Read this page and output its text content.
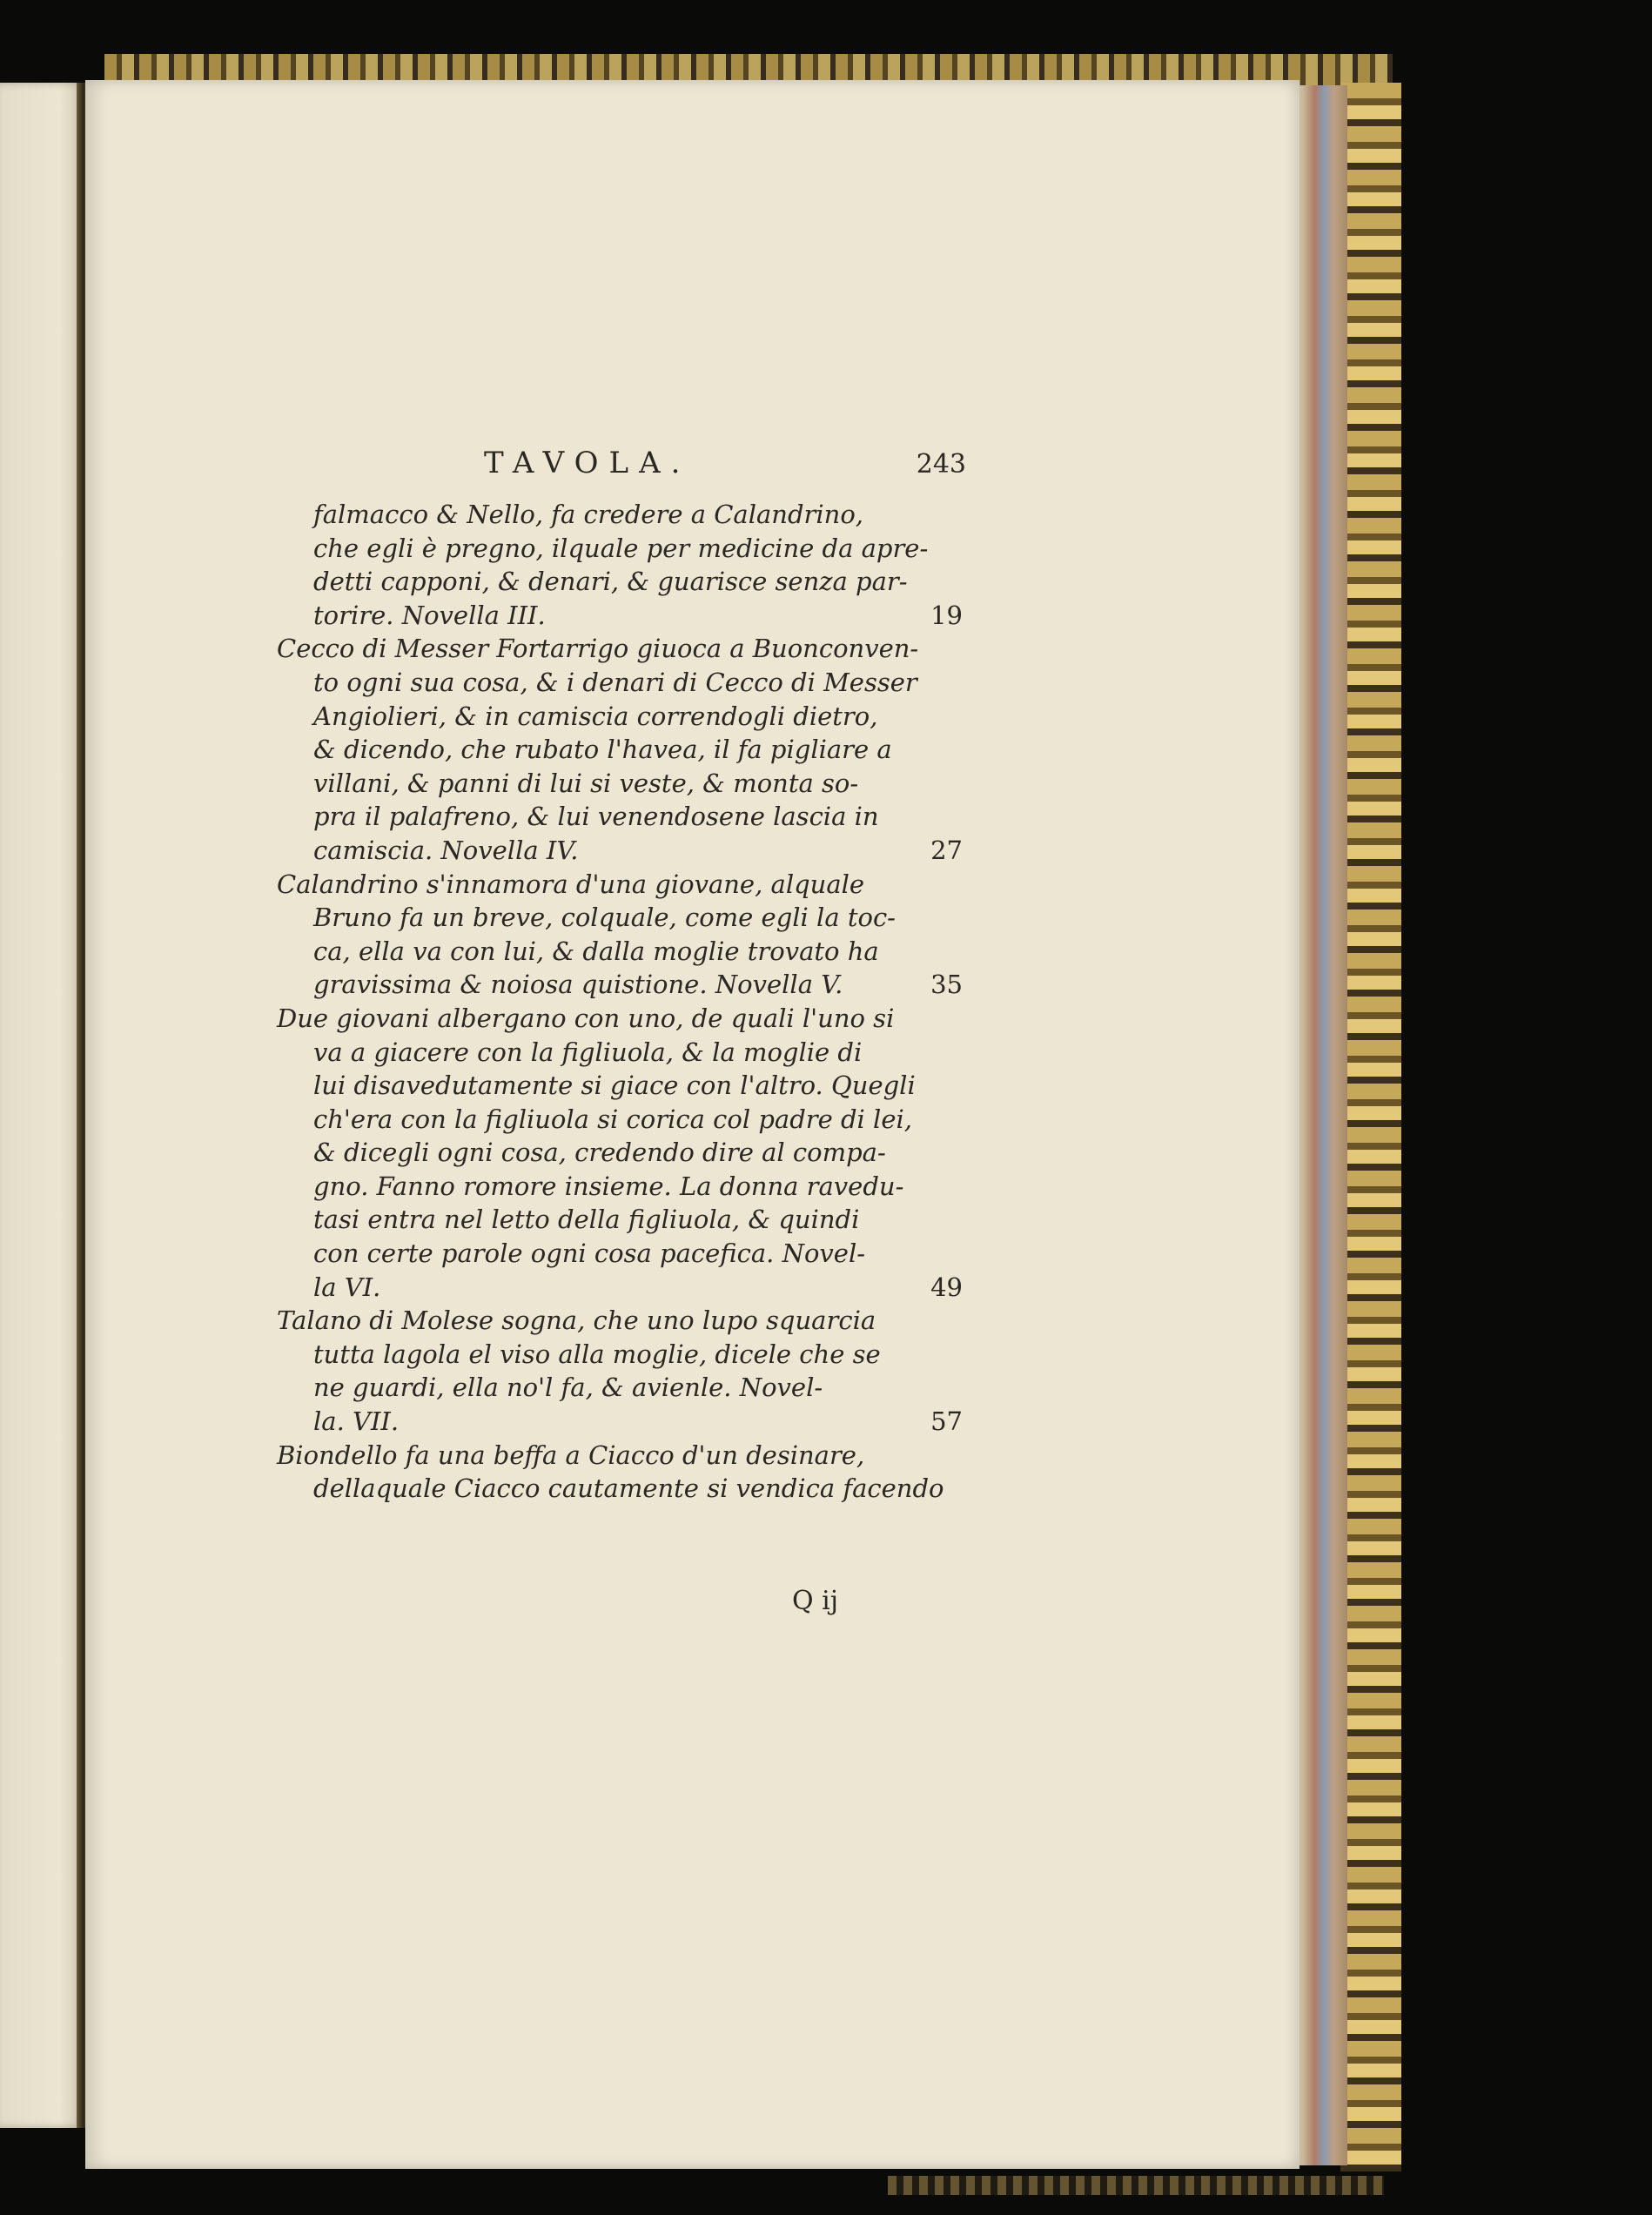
TAVOLA.	243
falmacco & Nello, fa credere a Calandrino,
che egli è pregno, ilquale per medicine da apre-
detti capponi, & denari, & guarisce senza par-
torire. Novella III.	19
Cecco di Messer Fortarrigo giuoca a Buonconven-
to ogni sua cosa, & i denari di Cecco di Messer
Angiolieri, & in camiscia correndogli dietro,
& dicendo, che rubato l'havea, il fa pigliare a
villani, & panni di lui si veste, & monta so-
pra il palafreno, & lui venendosene lascia in
camiscia. Novella IV.	27
Calandrino s'innamora d'una giovane, alquale
Bruno fa un breve, colquale, come egli la toc-
ca, ella va con lui, & dalla moglie trovato ha
gravissima & noiosa quistione. Novella V.	35
Due giovani albergano con uno, de quali l'uno si
va a giacere con la figliuola, & la moglie di
lui disavedutamente si giace con l'altro. Quegli
ch'era con la figliuola si corica col padre di lei,
& dicegli ogni cosa, credendo dire al compa-
gno. Fanno romore insieme. La donna ravedu-
tasi entra nel letto della figliuola, & quindi
con certe parole ogni cosa pacefica. Novel-
la VI.	49
Talano di Molese sogna, che uno lupo squarcia
tutta lagola el viso alla moglie, dicele che se
ne guardi, ella no'l fa, & avienle. Novel-
la. VII.	57
Biondello fa una beffa a Ciacco d'un desinare,
dellaquale Ciacco cautamente si vendica facendo
Q ij
